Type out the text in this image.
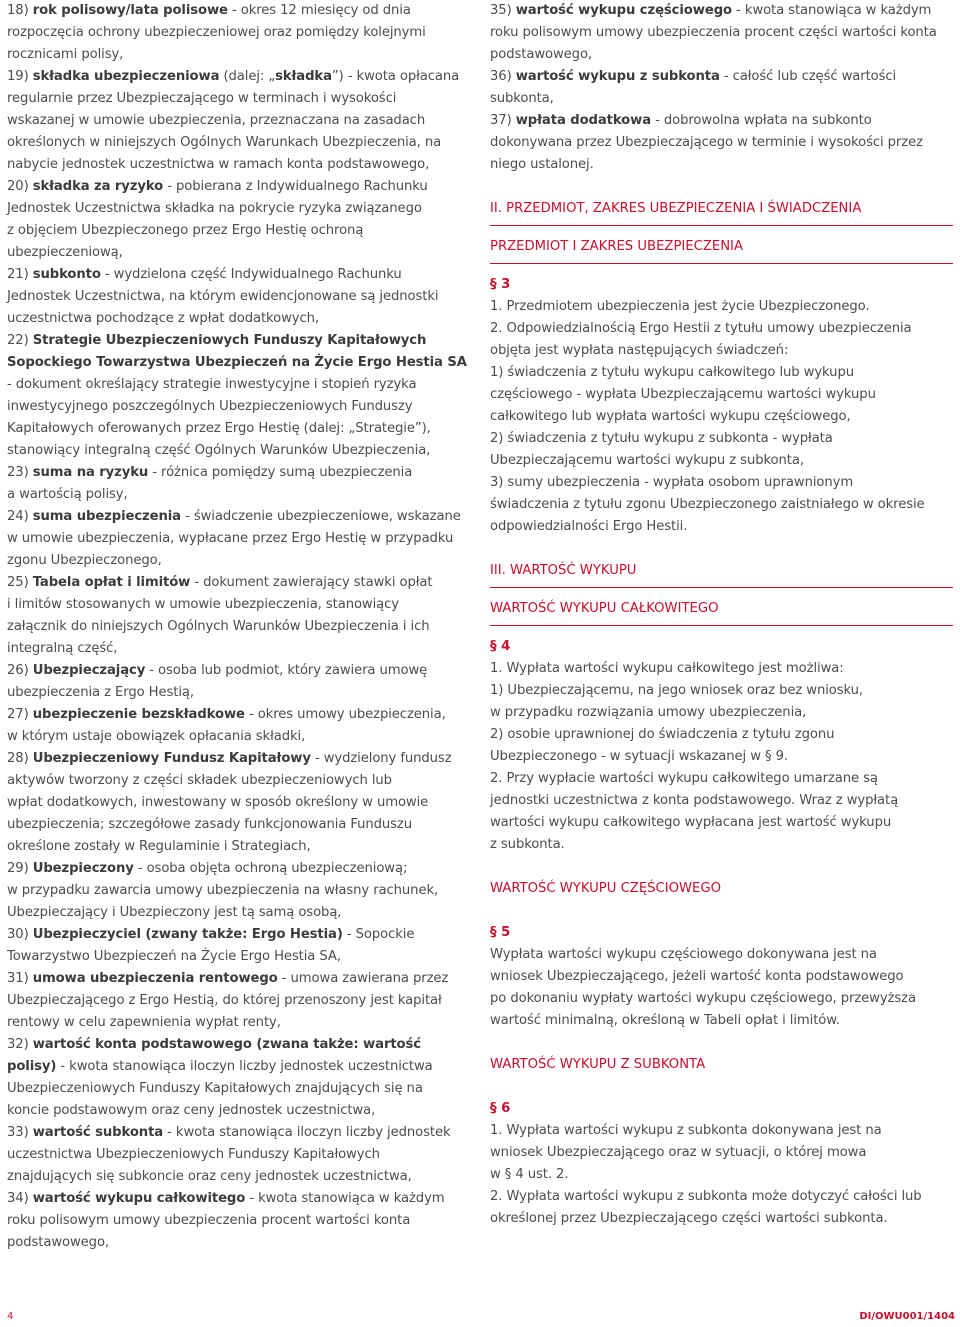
18) rok polisowy/lata polisowe - okres 12 miesięcy od dnia
rozpoczęcia ochrony ubezpieczeniowej oraz pomiędzy kolejnymi
rocznicami polisy,
19) składka ubezpieczeniowa (dalej: „składka”) - kwota opłacana
regularnie przez Ubezpieczającego w terminach i wysokości
wskazanej w umowie ubezpieczenia, przeznaczana na zasadach
określonych w niniejszych Ogólnych Warunkach Ubezpieczenia, na
nabycie jednostek uczestnictwa w ramach konta podstawowego,
20) składka za ryzyko - pobierana z Indywidualnego Rachunku
Jednostek Uczestnictwa składka na pokrycie ryzyka związanego
z objęciem Ubezpieczonego przez Ergo Hestię ochroną
ubezpieczeniową,
21) subkonto - wydzielona część Indywidualnego Rachunku
Jednostek Uczestnictwa, na którym ewidencjonowane są jednostki
uczestnictwa pochodzące z wpłat dodatkowych,
22) Strategie Ubezpieczeniowych Funduszy Kapitałowych
Sopockiego Towarzystwa Ubezpieczeń na Życie Ergo Hestia SA
- dokument określający strategie inwestycyjne i stopień ryzyka
inwestycyjnego poszczególnych Ubezpieczeniowych Funduszy
Kapitałowych oferowanych przez Ergo Hestię (dalej: „Strategie”),
stanowiący integralną część Ogólnych Warunków Ubezpieczenia,
23) suma na ryzyku - różnica pomiędzy sumą ubezpieczenia
a wartością polisy,
24) suma ubezpieczenia - świadczenie ubezpieczeniowe, wskazane
w umowie ubezpieczenia, wypłacane przez Ergo Hestię w przypadku
zgonu Ubezpieczonego,
25) Tabela opłat i limitów - dokument zawierający stawki opłat
i limitów stosowanych w umowie ubezpieczenia, stanowiący
załącznik do niniejszych Ogólnych Warunków Ubezpieczenia i ich
integralną część,
26) Ubezpieczający - osoba lub podmiot, który zawiera umowę
ubezpieczenia z Ergo Hestią,
27) ubezpieczenie bezskładkowe - okres umowy ubezpieczenia,
w którym ustaje obowiązek opłacania składki,
28) Ubezpieczeniowy Fundusz Kapitałowy - wydzielony fundusz
aktywów tworzony z części składek ubezpieczeniowych lub
wpłat dodatkowych, inwestowany w sposób określony w umowie
ubezpieczenia; szczegółowe zasady funkcjonowania Funduszu
określone zostały w Regulaminie i Strategiach,
29) Ubezpieczony - osoba objęta ochroną ubezpieczeniową;
w przypadku zawarcia umowy ubezpieczenia na własny rachunek,
Ubezpieczający i Ubezpieczony jest tą samą osobą,
30) Ubezpieczyciel (zwany także: Ergo Hestia) - Sopockie
Towarzystwo Ubezpieczeń na Życie Ergo Hestia SA,
31) umowa ubezpieczenia rentowego - umowa zawierana przez
Ubezpieczającego z Ergo Hestią, do której przenoszony jest kapitał
rentowy w celu zapewnienia wypłat renty,
32) wartość konta podstawowego (zwana także: wartość
polisy) - kwota stanowiąca iloczyn liczby jednostek uczestnictwa
Ubezpieczeniowych Funduszy Kapitałowych znajdujących się na
koncie podstawowym oraz ceny jednostek uczestnictwa,
33) wartość subkonta - kwota stanowiąca iloczyn liczby jednostek
uczestnictwa Ubezpieczeniowych Funduszy Kapitałowych
znajdujących się subkoncie oraz ceny jednostek uczestnictwa,
34) wartość wykupu całkowitego - kwota stanowiąca w każdym
roku polisowym umowy ubezpieczenia procent wartości konta
podstawowego,
35) wartość wykupu częściowego - kwota stanowiąca w każdym
roku polisowym umowy ubezpieczenia procent części wartości konta
podstawowego,
36) wartość wykupu z subkonta - całość lub część wartości
subkonta,
37) wpłata dodatkowa - dobrowolna wpłata na subkonto
dokonywana przez Ubezpieczającego w terminie i wysokości przez
niego ustalonej.
II. PRZEDMIOT, ZAKRES UBEZPIECZENIA I ŚWIADCZENIA
PRZEDMIOT I ZAKRES UBEZPIECZENIA
§ 3
1. Przedmiotem ubezpieczenia jest życie Ubezpieczonego.
2. Odpowiedzialnością Ergo Hestii z tytułu umowy ubezpieczenia
objęta jest wypłata następujących świadczeń:
1) świadczenia z tytułu wykupu całkowitego lub wykupu
częściowego - wypłata Ubezpieczającemu wartości wykupu
całkowitego lub wypłata wartości wykupu częściowego,
2) świadczenia z tytułu wykupu z subkonta - wypłata
Ubezpieczającemu wartości wykupu z subkonta,
3) sumy ubezpieczenia - wypłata osobom uprawnionym
świadczenia z tytułu zgonu Ubezpieczonego zaistniałego w okresie
odpowiedzialności Ergo Hestii.
III. WARTOŚĆ WYKUPU
WARTOŚĆ WYKUPU CAŁKOWITEGO
§ 4
1. Wypłata wartości wykupu całkowitego jest możliwa:
1) Ubezpieczającemu, na jego wniosek oraz bez wniosku,
w przypadku rozwiązania umowy ubezpieczenia,
2) osobie uprawnionej do świadczenia z tytułu zgonu
Ubezpieczonego - w sytuacji wskazanej w § 9.
2. Przy wypłacie wartości wykupu całkowitego umarzane są
jednostki uczestnictwa z konta podstawowego. Wraz z wypłatą
wartości wykupu całkowitego wypłacana jest wartość wykupu
z subkonta.
WARTOŚĆ WYKUPU CZĘŚCIOWEGO
§ 5
Wypłata wartości wykupu częściowego dokonywana jest na
wniosek Ubezpieczającego, jeżeli wartość konta podstawowego
po dokonaniu wypłaty wartości wykupu częściowego, przewyższa
wartość minimalną, określoną w Tabeli opłat i limitów.
WARTOŚĆ WYKUPU Z SUBKONTA
§ 6
1. Wypłata wartości wykupu z subkonta dokonywana jest na
wniosek Ubezpieczającego oraz w sytuacji, o której mowa
w § 4 ust. 2.
2. Wypłata wartości wykupu z subkonta może dotyczyć całości lub
określonej przez Ubezpieczającego części wartości subkonta.
4	DI/OWU001/1404
